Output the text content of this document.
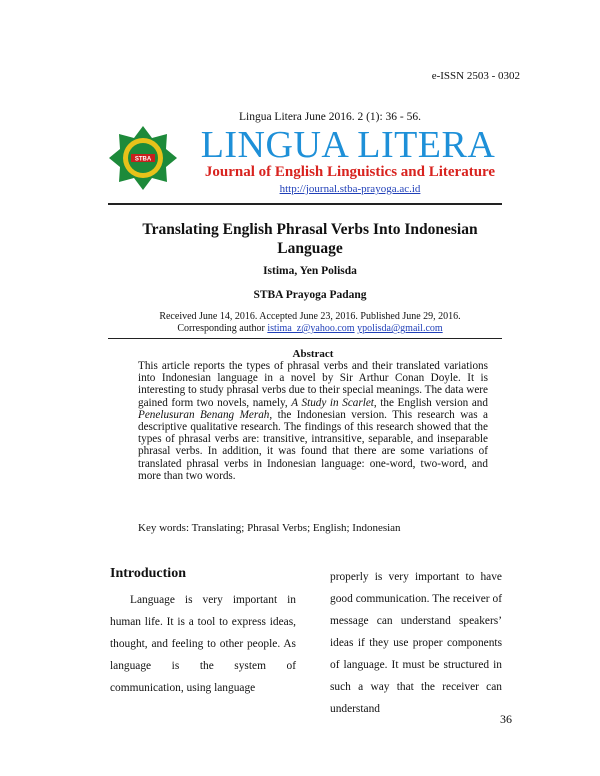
e-ISSN 2503 - 0302
Lingua Litera June 2016. 2 (1): 36 - 56.
STBA	LINGUA LITERA
Journal of English Linguistics and Literature
http://journal.stba-prayoga.ac.id
Translating English Phrasal Verbs Into Indonesian Language
Istima, Yen Polisda
STBA Prayoga Padang
Received June 14, 2016. Accepted June 23, 2016. Published June 29, 2016.
Corresponding author istima_z@yahoo.com ypolisda@gmail.com
Abstract
This article reports the types of phrasal verbs and their translated variations into Indonesian language in a novel by Sir Arthur Conan Doyle. It is interesting to study phrasal verbs due to their special meanings. The data were gained form two novels, namely, A Study in Scarlet, the English version and Penelusuran Benang Merah, the Indonesian version. This research was a descriptive qualitative research. The findings of this research showed that the types of phrasal verbs are: transitive, intransitive, separable, and inseparable phrasal verbs. In addition, it was found that there are some variations of translated phrasal verbs in Indonesian language: one-word, two-word, and more than two words.
Key words: Translating; Phrasal Verbs; English; Indonesian
Introduction
Language is very important in human life. It is a tool to express ideas, thought, and feeling to other people. As language is the system of communication, using language
properly is very important to have good communication. The receiver of message can understand speakers’ ideas if they use proper components of language. It must be structured in such a way that the receiver can understand
36
